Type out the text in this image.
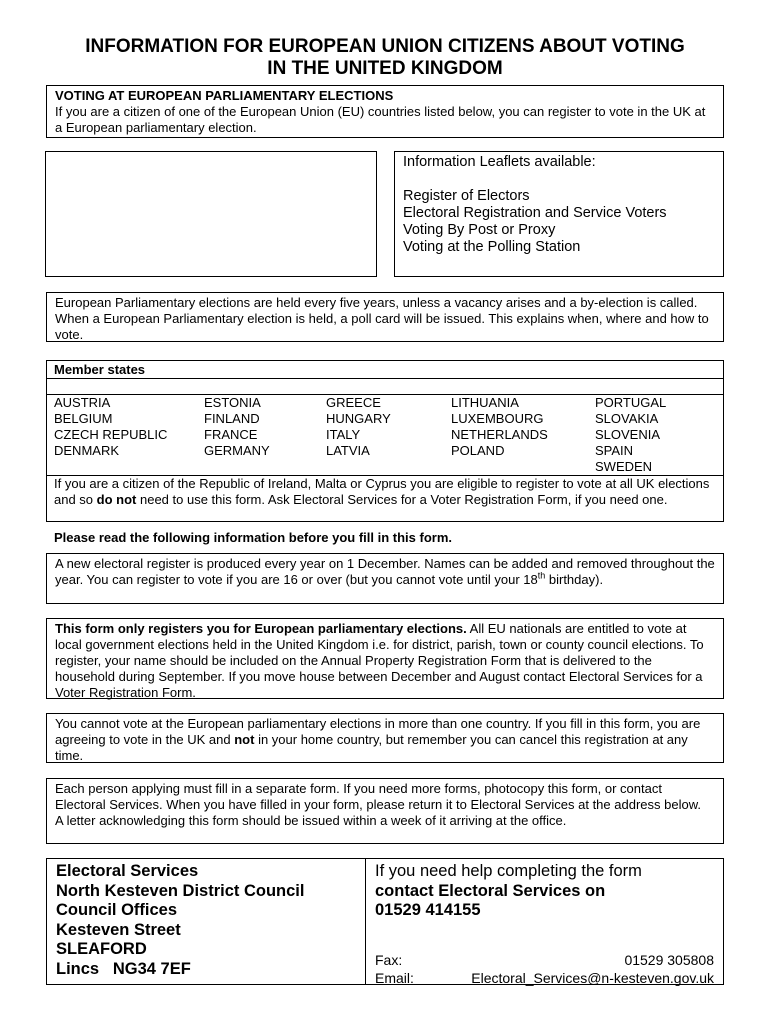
INFORMATION FOR EUROPEAN UNION CITIZENS ABOUT VOTING
IN THE UNITED KINGDOM

VOTING AT EUROPEAN PARLIAMENTARY ELECTIONS

If you are a citizen of one of the European Union (EU) countries listed below, you can register to vote in the UK at a European parliamentary election.

Information Leaflets available:

Register of Electors

Electoral Registration and Service Voters

Voting By Post or Proxy

Voting at the Polling Station

European Parliamentary elections are held every five years, unless a vacancy arises and a by-election is called. When a European Parliamentary election is held, a poll card will be issued. This explains when, where and how to vote.

Member states

AUSTRIA	ESTONIA	GREECE	LITHUANIA	PORTUGAL
BELGIUM	FINLAND	HUNGARY	LUXEMBOURG	SLOVAKIA
CZECH REPUBLIC	FRANCE	ITALY	NETHERLANDS	SLOVENIA
DENMARK	GERMANY	LATVIA	POLAND	SPAIN
SWEDEN

If you are a citizen of the Republic of Ireland, Malta or Cyprus you are eligible to register to vote at all UK elections and so do not need to use this form. Ask Electoral Services for a Voter Registration Form, if you need one.

Please read the following information before you fill in this form.

A new electoral register is produced every year on 1 December. Names can be added and removed throughout the year. You can register to vote if you are 16 or over (but you cannot vote until your 18th birthday).

This form only registers you for European parliamentary elections. All EU nationals are entitled to vote at local government elections held in the United Kingdom i.e. for district, parish, town or county council elections. To register, your name should be included on the Annual Property Registration Form that is delivered to the household during September. If you move house between December and August contact Electoral Services for a Voter Registration Form.

You cannot vote at the European parliamentary elections in more than one country. If you fill in this form, you are agreeing to vote in the UK and not in your home country, but remember you can cancel this registration at any time.

Each person applying must fill in a separate form. If you need more forms, photocopy this form, or contact Electoral Services. When you have filled in your form, please return it to Electoral Services at the address below.

A letter acknowledging this form should be issued within a week of it arriving at the office.

Electoral Services

North Kesteven District Council

Council Offices

Kesteven Street

SLEAFORD

Lincs   NG34 7EF

If you need help completing the form

contact Electoral Services on

01529 414155

Fax:	01529 305808
Email:	Electoral_Services@n-kesteven.gov.uk
